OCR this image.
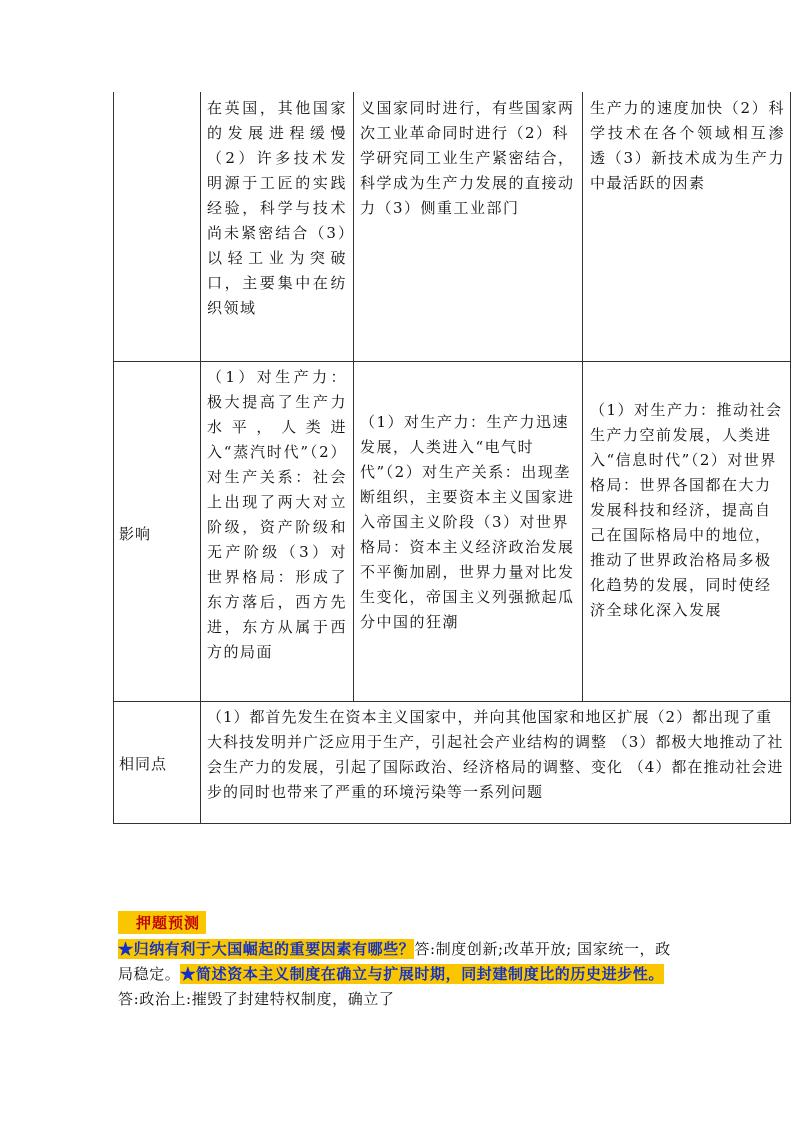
在英国，其他国家的发展进程缓慢（2）许多技术发明源于工匠的实践经验，科学与技术尚未紧密结合（3）以轻工业为突破口，主要集中在纺织领域

义国家同时进行，有些国家两次工业革命同时进行（2）科学研究同工业生产紧密结合，科学成为生产力发展的直接动力（3）侧重工业部门

生产力的速度加快（2）科学技术在各个领域相互渗透（3）新技术成为生产力中最活跃的因素

影响

（1）对生产力：极大提高了生产力水平，人类进入“蒸汽时代”（2）对生产关系：社会上出现了两大对立阶级，资产阶级和无产阶级（3）对世界格局：形成了东方落后，西方先进，东方从属于西方的局面

（1）对生产力：生产力迅速发展，人类进入“电气时代”（2）对生产关系：出现垄断组织，主要资本主义国家进入帝国主义阶段（3）对世界格局：资本主义经济政治发展不平衡加剧，世界力量对比发生变化，帝国主义列强掀起瓜分中国的狂潮

（1）对生产力：推动社会生产力空前发展，人类进入“信息时代”（2）对世界格局：世界各国都在大力发展科技和经济，提高自己在国际格局中的地位，推动了世界政治格局多极化趋势的发展，同时使经济全球化深入发展

相同点

（1）都首先发生在资本主义国家中，并向其他国家和地区扩展（2）都出现了重大科技发明并广泛应用于生产，引起社会产业结构的调整 （3）都极大地推动了社会生产力的发展，引起了国际政治、经济格局的调整、变化 （4）都在推动社会进步的同时也带来了严重的环境污染等一系列问题

押题预测
★归纳有利于大国崛起的重要因素有哪些？答:制度创新;改革开放; 国家统一，政局稳定。★简述资本主义制度在确立与扩展时期，同封建制度比的历史进步性。答:政治上:摧毁了封建特权制度，确立了
